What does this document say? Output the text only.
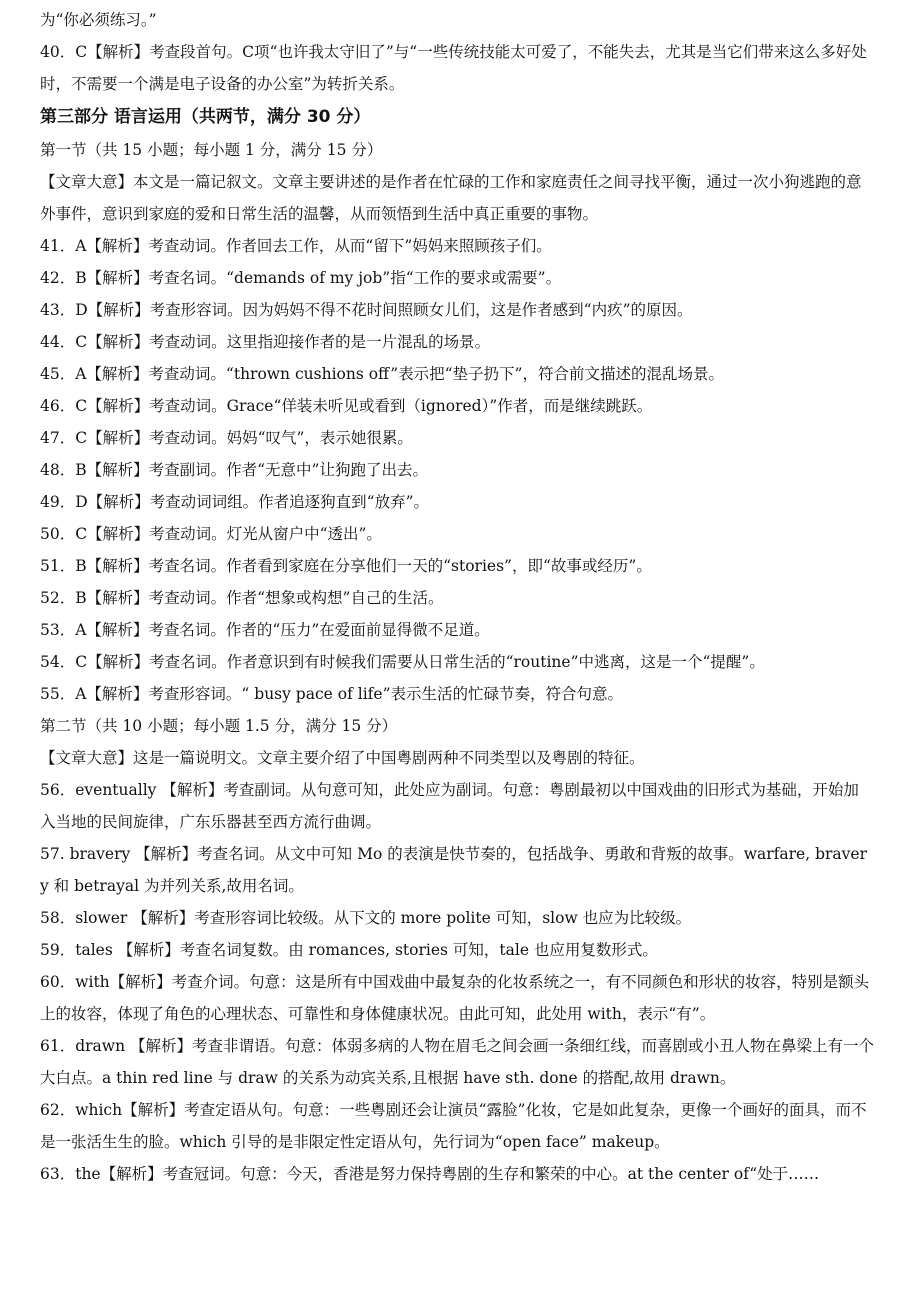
为“你必须练习。”

40．C【解析】考查段首句。C项“也许我太守旧了”与“一些传统技能太可爱了，不能失去，尤其是当它们带来这么多好处时，不需要一个满是电子设备的办公室”为转折关系。

第三部分 语言运用（共两节，满分 30 分）

第一节（共 15 小题；每小题 1 分，满分 15 分）

【文章大意】本文是一篇记叙文。文章主要讲述的是作者在忙碌的工作和家庭责任之间寻找平衡，通过一次小狗逃跑的意外事件，意识到家庭的爱和日常生活的温馨，从而领悟到生活中真正重要的事物。

41．A【解析】考查动词。作者回去工作，从而“留下”妈妈来照顾孩子们。

42．B【解析】考查名词。“demands of my job”指“工作的要求或需要”。

43．D【解析】考查形容词。因为妈妈不得不花时间照顾女儿们，这是作者感到“内疚”的原因。

44．C【解析】考查动词。这里指迎接作者的是一片混乱的场景。

45．A【解析】考查动词。“thrown cushions off”表示把“垫子扔下”，符合前文描述的混乱场景。

46．C【解析】考查动词。Grace“佯装未听见或看到（ignored）”作者，而是继续跳跃。

47．C【解析】考查动词。妈妈“叹气”，表示她很累。

48．B【解析】考查副词。作者“无意中”让狗跑了出去。

49．D【解析】考查动词词组。作者追逐狗直到“放弃”。

50．C【解析】考查动词。灯光从窗户中“透出”。

51．B【解析】考查名词。作者看到家庭在分享他们一天的“stories”，即“故事或经历”。

52．B【解析】考查动词。作者“想象或构想”自己的生活。

53．A【解析】考查名词。作者的“压力”在爱面前显得微不足道。

54．C【解析】考查名词。作者意识到有时候我们需要从日常生活的“routine”中逃离，这是一个“提醒”。

55．A【解析】考查形容词。“ busy pace of life”表示生活的忙碌节奏，符合句意。

第二节（共 10 小题；每小题 1.5 分，满分 15 分）

【文章大意】这是一篇说明文。文章主要介绍了中国粤剧两种不同类型以及粤剧的特征。

56．eventually 【解析】考查副词。从句意可知，此处应为副词。句意：粤剧最初以中国戏曲的旧形式为基础，开始加入当地的民间旋律，广东乐器甚至西方流行曲调。

57. bravery 【解析】考查名词。从文中可知 Mo 的表演是快节奏的，包括战争、勇敢和背叛的故事。warfare, bravery 和 betrayal 为并列关系,故用名词。

58．slower 【解析】考查形容词比较级。从下文的 more polite 可知，slow 也应为比较级。

59．tales 【解析】考查名词复数。由 romances, stories 可知，tale 也应用复数形式。

60．with【解析】考查介词。句意：这是所有中国戏曲中最复杂的化妆系统之一，有不同颜色和形状的妆容，特别是额头上的妆容，体现了角色的心理状态、可靠性和身体健康状况。由此可知，此处用 with，表示“有”。

61．drawn 【解析】考查非谓语。句意：体弱多病的人物在眉毛之间会画一条细红线，而喜剧或小丑人物在鼻梁上有一个大白点。a thin red line 与 draw 的关系为动宾关系,且根据 have sth. done 的搭配,故用 drawn。

62．which【解析】考查定语从句。句意：一些粤剧还会让演员“露脸”化妆，它是如此复杂，更像一个画好的面具，而不是一张活生生的脸。which 引导的是非限定性定语从句，先行词为“open face” makeup。

63．the【解析】考查冠词。句意：今天，香港是努力保持粤剧的生存和繁荣的中心。at the center of“处于……
